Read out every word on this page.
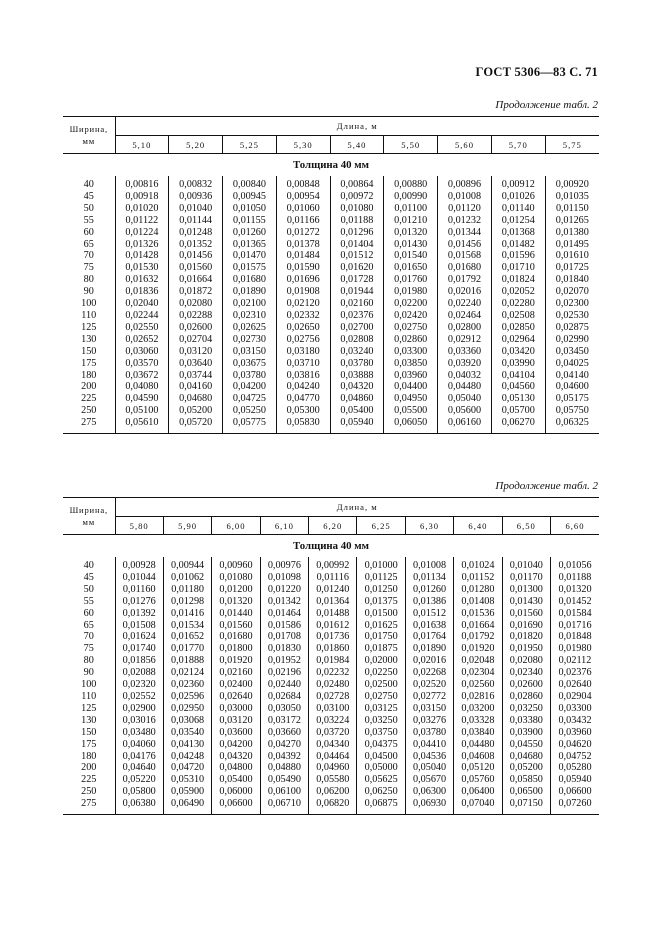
ГОСТ 5306—83 С. 71
Продолжение табл. 2
Ширина,
мм	Длина, м								
	5,10	5,20	5,25	5,30	5,40	5,50	5,60	5,70	5,75
Толщина 40 мм									
40	0,00816	0,00832	0,00840	0,00848	0,00864	0,00880	0,00896	0,00912	0,00920
45	0,00918	0,00936	0,00945	0,00954	0,00972	0,00990	0,01008	0,01026	0,01035
50	0,01020	0,01040	0,01050	0,01060	0,01080	0,01100	0,01120	0,01140	0,01150
55	0,01122	0,01144	0,01155	0,01166	0,01188	0,01210	0,01232	0,01254	0,01265
60	0,01224	0,01248	0,01260	0,01272	0,01296	0,01320	0,01344	0,01368	0,01380
65	0,01326	0,01352	0,01365	0,01378	0,01404	0,01430	0,01456	0,01482	0,01495
70	0,01428	0,01456	0,01470	0,01484	0,01512	0,01540	0,01568	0,01596	0,01610
75	0,01530	0,01560	0,01575	0,01590	0,01620	0,01650	0,01680	0,01710	0,01725
80	0,01632	0,01664	0,01680	0,01696	0,01728	0,01760	0,01792	0,01824	0,01840
90	0,01836	0,01872	0,01890	0,01908	0,01944	0,01980	0,02016	0,02052	0,02070
100	0,02040	0,02080	0,02100	0,02120	0,02160	0,02200	0,02240	0,02280	0,02300
110	0,02244	0,02288	0,02310	0,02332	0,02376	0,02420	0,02464	0,02508	0,02530
125	0,02550	0,02600	0,02625	0,02650	0,02700	0,02750	0,02800	0,02850	0,02875
130	0,02652	0,02704	0,02730	0,02756	0,02808	0,02860	0,02912	0,02964	0,02990
150	0,03060	0,03120	0,03150	0,03180	0,03240	0,03300	0,03360	0,03420	0,03450
175	0,03570	0,03640	0,03675	0,03710	0,03780	0,03850	0,03920	0,03990	0,04025
180	0,03672	0,03744	0,03780	0,03816	0,03888	0,03960	0,04032	0,04104	0,04140
200	0,04080	0,04160	0,04200	0,04240	0,04320	0,04400	0,04480	0,04560	0,04600
225	0,04590	0,04680	0,04725	0,04770	0,04860	0,04950	0,05040	0,05130	0,05175
250	0,05100	0,05200	0,05250	0,05300	0,05400	0,05500	0,05600	0,05700	0,05750
275	0,05610	0,05720	0,05775	0,05830	0,05940	0,06050	0,06160	0,06270	0,06325
Продолжение табл. 2
Ширина,
мм	Длина, м									
	5,80	5,90	6,00	6,10	6,20	6,25	6,30	6,40	6,50	6,60
Толщина 40 мм										
40	0,00928	0,00944	0,00960	0,00976	0,00992	0,01000	0,01008	0,01024	0,01040	0,01056
45	0,01044	0,01062	0,01080	0,01098	0,01116	0,01125	0,01134	0,01152	0,01170	0,01188
50	0,01160	0,01180	0,01200	0,01220	0,01240	0,01250	0,01260	0,01280	0,01300	0,01320
55	0,01276	0,01298	0,01320	0,01342	0,01364	0,01375	0,01386	0,01408	0,01430	0,01452
60	0,01392	0,01416	0,01440	0,01464	0,01488	0,01500	0,01512	0,01536	0,01560	0,01584
65	0,01508	0,01534	0,01560	0,01586	0,01612	0,01625	0,01638	0,01664	0,01690	0,01716
70	0,01624	0,01652	0,01680	0,01708	0,01736	0,01750	0,01764	0,01792	0,01820	0,01848
75	0,01740	0,01770	0,01800	0,01830	0,01860	0,01875	0,01890	0,01920	0,01950	0,01980
80	0,01856	0,01888	0,01920	0,01952	0,01984	0,02000	0,02016	0,02048	0,02080	0,02112
90	0,02088	0,02124	0,02160	0,02196	0,02232	0,02250	0,02268	0,02304	0,02340	0,02376
100	0,02320	0,02360	0,02400	0,02440	0,02480	0,02500	0,02520	0,02560	0,02600	0,02640
110	0,02552	0,02596	0,02640	0,02684	0,02728	0,02750	0,02772	0,02816	0,02860	0,02904
125	0,02900	0,02950	0,03000	0,03050	0,03100	0,03125	0,03150	0,03200	0,03250	0,03300
130	0,03016	0,03068	0,03120	0,03172	0,03224	0,03250	0,03276	0,03328	0,03380	0,03432
150	0,03480	0,03540	0,03600	0,03660	0,03720	0,03750	0,03780	0,03840	0,03900	0,03960
175	0,04060	0,04130	0,04200	0,04270	0,04340	0,04375	0,04410	0,04480	0,04550	0,04620
180	0,04176	0,04248	0,04320	0,04392	0,04464	0,04500	0,04536	0,04608	0,04680	0,04752
200	0,04640	0,04720	0,04800	0,04880	0,04960	0,05000	0,05040	0,05120	0,05200	0,05280
225	0,05220	0,05310	0,05400	0,05490	0,05580	0,05625	0,05670	0,05760	0,05850	0,05940
250	0,05800	0,05900	0,06000	0,06100	0,06200	0,06250	0,06300	0,06400	0,06500	0,06600
275	0,06380	0,06490	0,06600	0,06710	0,06820	0,06875	0,06930	0,07040	0,07150	0,07260
